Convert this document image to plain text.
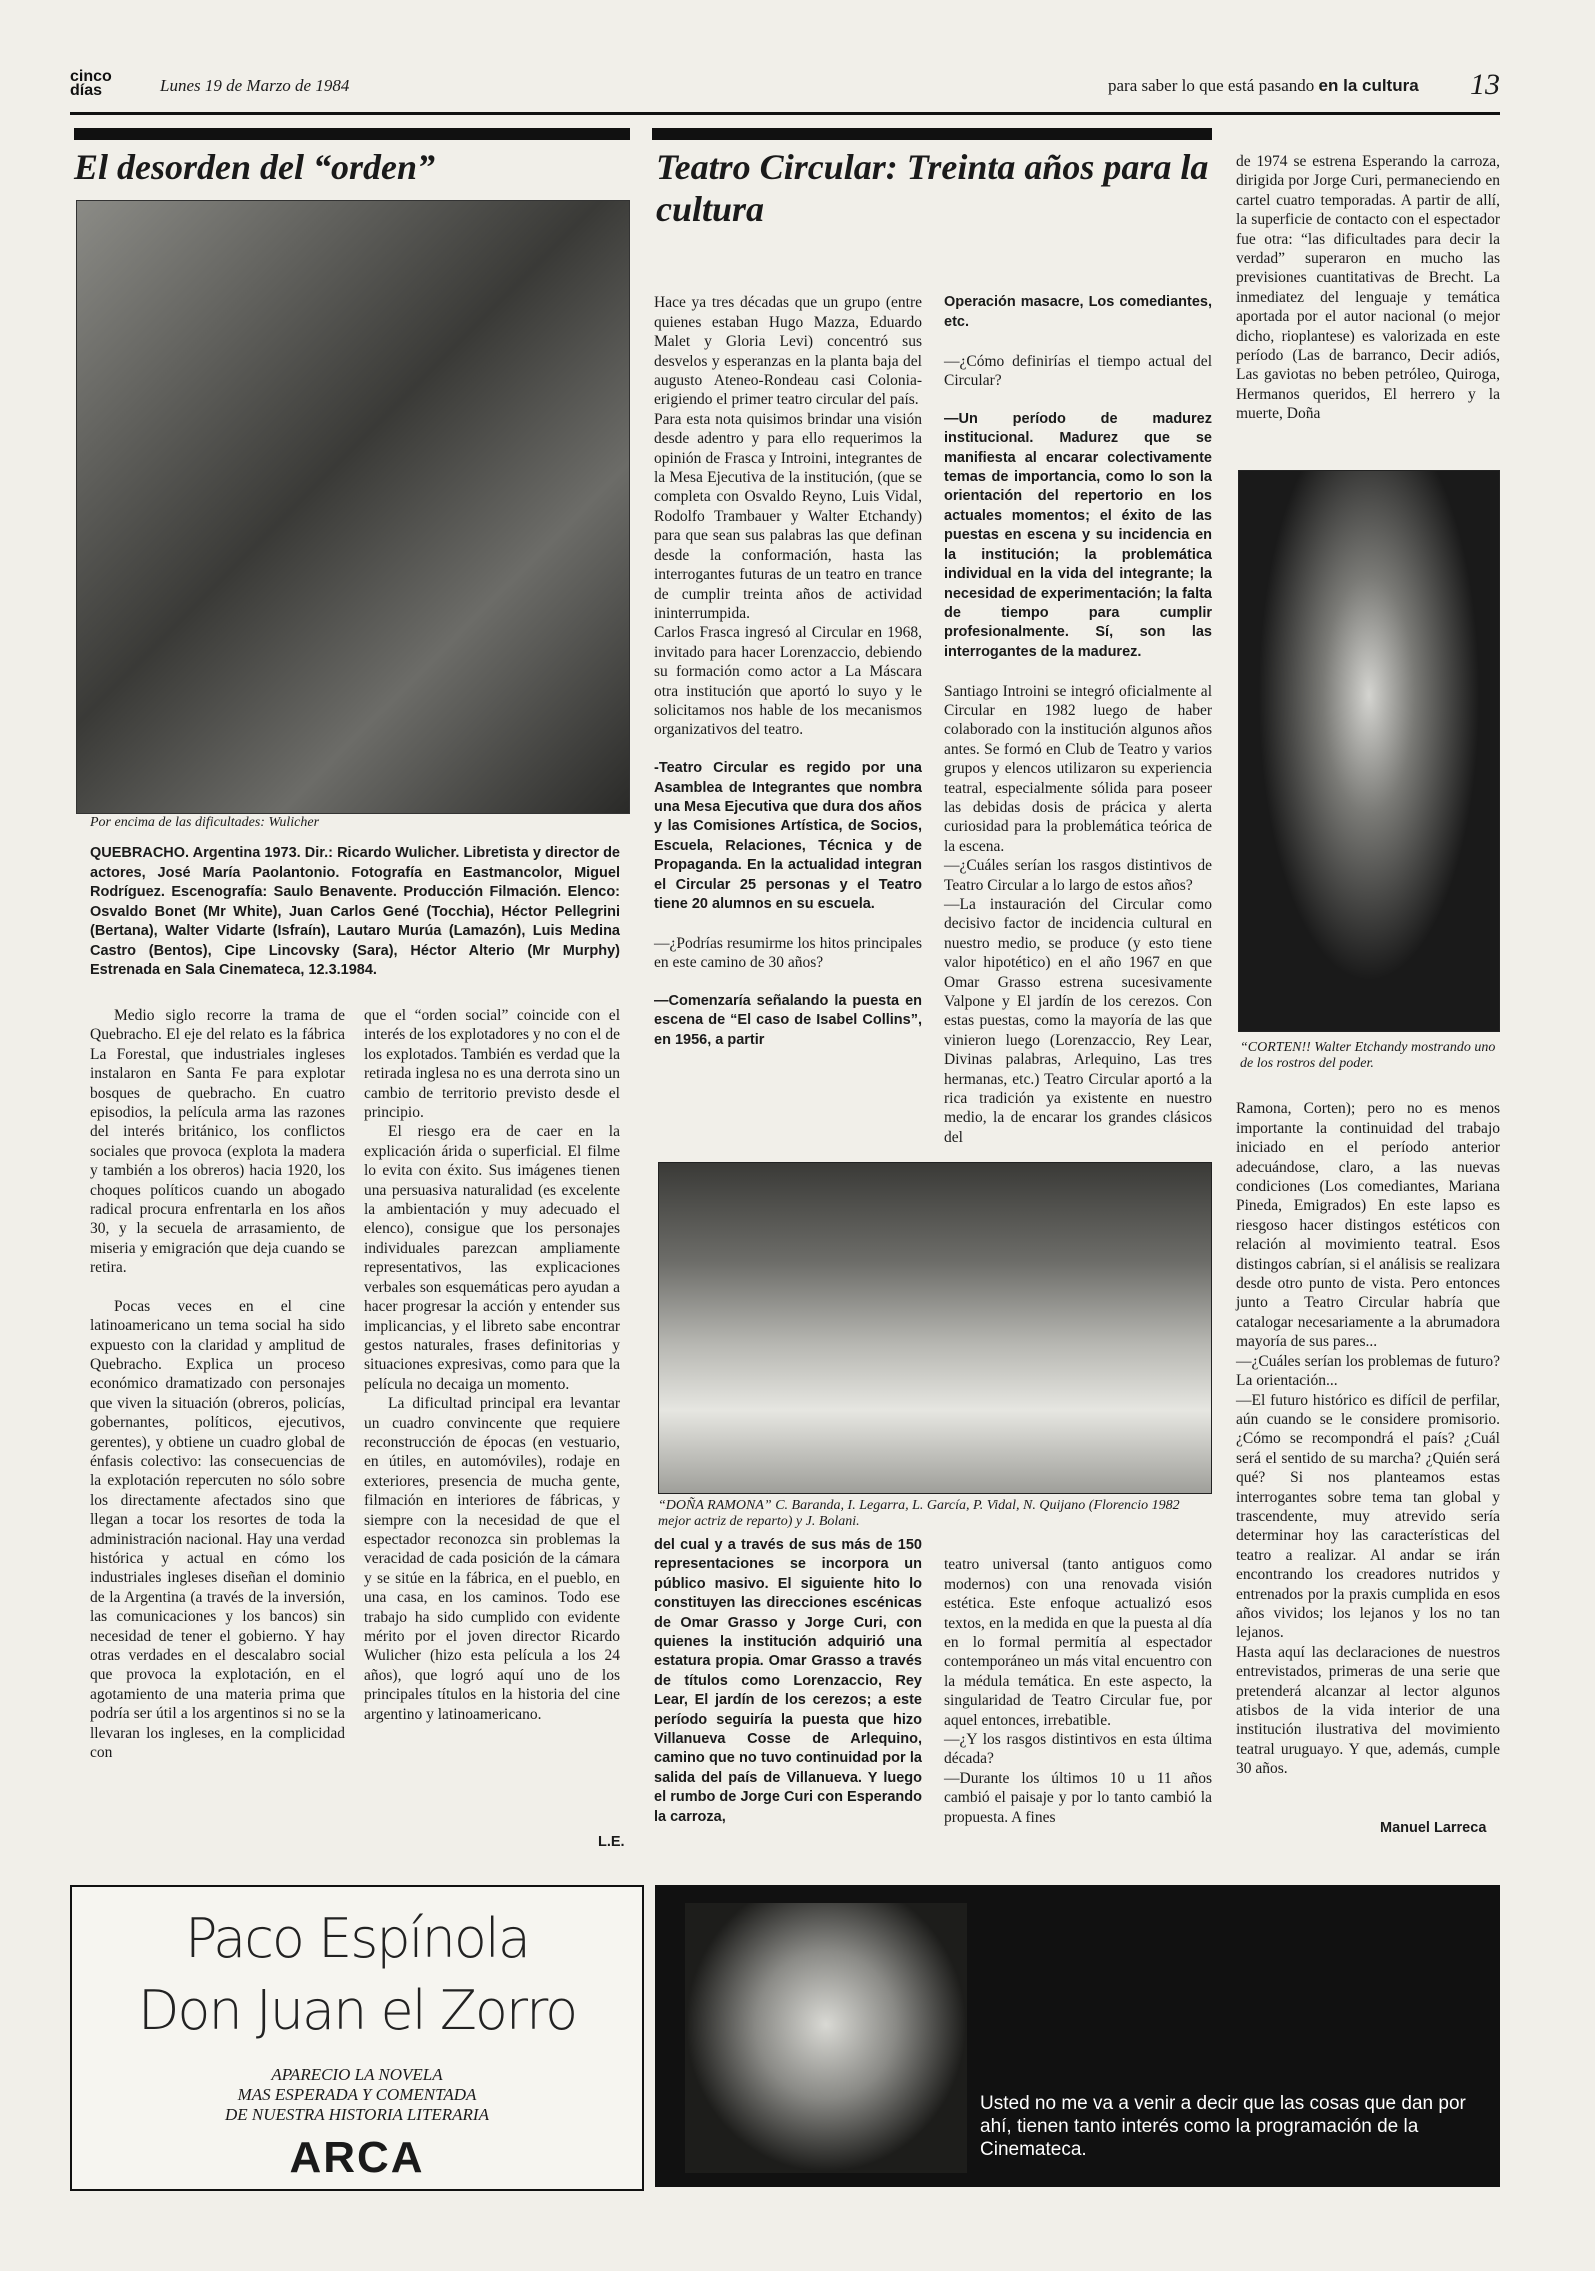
cinco
días	Lunes 19 de Marzo de 1984	para saber lo que está pasando en la cultura 13
El desorden del “orden”
Por encima de las dificultades: Wulicher
QUEBRACHO. Argentina 1973. Dir.: Ricardo Wulicher. Libretista y director de actores, José María Paolantonio. Fotografía en Eastmancolor, Miguel Rodríguez. Escenografía: Saulo Benavente. Producción Filmación. Elenco: Osvaldo Bonet (Mr White), Juan Carlos Gené (Tocchia), Héctor Pellegrini (Bertana), Walter Vidarte (Isfraín), Lautaro Murúa (Lamazón), Luis Medina Castro (Bentos), Cipe Lincovsky (Sara), Héctor Alterio (Mr Murphy) Estrenada en Sala Cinemateca, 12.3.1984.

Medio siglo recorre la trama de Quebracho. El eje del relato es la fábrica La Forestal, que industriales ingleses instalaron en Santa Fe para explotar bosques de quebracho. En cuatro episodios, la película arma las razones del interés británico, los conflictos sociales que provoca (explota la madera y también a los obreros) hacia 1920, los choques políticos cuando un abogado radical procura enfrentarla en los años 30, y la secuela de arrasamiento, de miseria y emigración que deja cuando se retira.

Pocas veces en el cine latinoamericano un tema social ha sido expuesto con la claridad y amplitud de Quebracho. Explica un proceso económico dramatizado con personajes que viven la situación (obreros, policías, gobernantes, políticos, ejecutivos, gerentes), y obtiene un cuadro global de énfasis colectivo: las consecuencias de la explotación repercuten no sólo sobre los directamente afectados sino que llegan a tocar los resortes de toda la administración nacional. Hay una verdad histórica y actual en cómo los industriales ingleses diseñan el dominio de la Argentina (a través de la inversión, las comunicaciones y los bancos) sin necesidad de tener el gobierno. Y hay otras verdades en el descalabro social que provoca la explotación, en el agotamiento de una materia prima que podría ser útil a los argentinos si no se la llevaran los ingleses, en la complicidad con

que el “orden social” coincide con el interés de los explotadores y no con el de los explotados. También es verdad que la retirada inglesa no es una derrota sino un cambio de territorio previsto desde el principio.

El riesgo era de caer en la explicación árida o superficial. El filme lo evita con éxito. Sus imágenes tienen una persuasiva naturalidad (es excelente la ambientación y muy adecuado el elenco), consigue que los personajes individuales parezcan ampliamente representativos, las explicaciones verbales son esquemáticas pero ayudan a hacer progresar la acción y entender sus implicancias, y el libreto sabe encontrar gestos naturales, frases definitorias y situaciones expresivas, como para que la película no decaiga un momento.

La dificultad principal era levantar un cuadro convincente que requiere reconstrucción de épocas (en vestuario, en útiles, en automóviles), rodaje en exteriores, presencia de mucha gente, filmación en interiores de fábricas, y siempre con la necesidad de que el espectador reconozca sin problemas la veracidad de cada posición de la cámara y se sitúe en la fábrica, en el pueblo, en una casa, en los caminos. Todo ese trabajo ha sido cumplido con evidente mérito por el joven director Ricardo Wulicher (hizo esta película a los 24 años), que logró aquí uno de los principales títulos en la historia del cine argentino y latinoamericano.

L.E.
Teatro Circular: Treinta años para la cultura

Hace ya tres décadas que un grupo (entre quienes estaban Hugo Mazza, Eduardo Malet y Gloria Levi) concentró sus desvelos y esperanzas en la planta baja del augusto Ateneo-Rondeau casi Colonia- erigiendo el primer teatro circular del país.
Para esta nota quisimos brindar una visión desde adentro y para ello requerimos la opinión de Frasca y Introini, integrantes de la Mesa Ejecutiva de la institución, (que se completa con Osvaldo Reyno, Luis Vidal, Rodolfo Trambauer y Walter Etchandy) para que sean sus palabras las que definan desde la conformación, hasta las interrogantes futuras de un teatro en trance de cumplir treinta años de actividad ininterrumpida.
Carlos Frasca ingresó al Circular en 1968, invitado para hacer Lorenzaccio, debiendo su formación como actor a La Máscara otra institución que aportó lo suyo y le solicitamos nos hable de los mecanismos organizativos del teatro.

-Teatro Circular es regido por una Asamblea de Integrantes que nombra una Mesa Ejecutiva que dura dos años y las Comisiones Artística, de Socios, Escuela, Relaciones, Técnica y de Propaganda. En la actualidad integran el Circular 25 personas y el Teatro tiene 20 alumnos en su escuela.

—¿Podrías resumirme los hitos principales en este camino de 30 años?

—Comenzaría señalando la puesta en escena de “El caso de Isabel Collins”, en 1956, a partir

Operación masacre, Los comediantes, etc.

—¿Cómo definirías el tiempo actual del Circular?

—Un período de madurez institucional. Madurez que se manifiesta al encarar colectivamente temas de importancia, como lo son la orientación del repertorio en los actuales momentos; el éxito de las puestas en escena y su incidencia en la institución; la problemática individual en la vida del integrante; la necesidad de experimentación; la falta de tiempo para cumplir profesionalmente. Sí, son las interrogantes de la madurez.

Santiago Introini se integró oficialmente al Circular en 1982 luego de haber colaborado con la institución algunos años antes. Se formó en Club de Teatro y varios grupos y elencos utilizaron su experiencia teatral, especialmente sólida para poseer las debidas dosis de prácica y alerta curiosidad para la problemática teórica de la escena.
—¿Cuáles serían los rasgos distintivos de Teatro Circular a lo largo de estos años?
—La instauración del Circular como decisivo factor de incidencia cultural en nuestro medio, se produce (y esto tiene valor hipotético) en el año 1967 en que Omar Grasso estrena sucesivamente Valpone y El jardín de los cerezos. Con estas puestas, como la mayoría de las que vinieron luego (Lorenzaccio, Rey Lear, Divinas palabras, Arlequino, Las tres hermanas, etc.) Teatro Circular aportó a la rica tradición ya existente en nuestro medio, la de encarar los grandes clásicos del

“DOÑA RAMONA” C. Baranda, I. Legarra, L. García, P. Vidal, N. Quijano (Florencio 1982 mejor actriz de reparto) y J. Bolani.

del cual y a través de sus más de 150 representaciones se incorpora un público masivo. El siguiente hito lo constituyen las direcciones escénicas de Omar Grasso y Jorge Curi, con quienes la institución adquirió una estatura propia. Omar Grasso a través de títulos como Lorenzaccio, Rey Lear, El jardín de los cerezos; a este período seguiría la puesta que hizo Villanueva Cosse de Arlequino, camino que no tuvo continuidad por la salida del país de Villanueva. Y luego el rumbo de Jorge Curi con Esperando la carroza,

teatro universal (tanto antiguos como modernos) con una renovada visión estética. Este enfoque actualizó esos textos, en la medida en que la puesta al día en lo formal permitía al espectador contemporáneo un más vital encuentro con la médula temática. En este aspecto, la singularidad de Teatro Circular fue, por aquel entonces, irrebatible.
—¿Y los rasgos distintivos en esta última década?
—Durante los últimos 10 u 11 años cambió el paisaje y por lo tanto cambió la propuesta. A fines

de 1974 se estrena Esperando la carroza, dirigida por Jorge Curi, permaneciendo en cartel cuatro temporadas. A partir de allí, la superficie de contacto con el espectador fue otra: “las dificultades para decir la verdad” superaron en mucho las previsiones cuantitativas de Brecht. La inmediatez del lenguaje y temática aportada por el autor nacional (o mejor dicho, rioplantese) es valorizada en este período (Las de barranco, Decir adiós, Las gaviotas no beben petróleo, Quiroga, Hermanos queridos, El herrero y la muerte, Doña

“CORTEN!! Walter Etchandy mostrando uno de los rostros del poder.

Ramona, Corten); pero no es menos importante la continuidad del trabajo iniciado en el período anterior adecuándose, claro, a las nuevas condiciones (Los comediantes, Mariana Pineda, Emigrados) En este lapso es riesgoso hacer distingos estéticos con relación al movimiento teatral. Esos distingos cabrían, si el análisis se realizara desde otro punto de vista. Pero entonces junto a Teatro Circular habría que catalogar necesariamente a la abrumadora mayoría de sus pares...
—¿Cuáles serían los problemas de futuro? La orientación...
—El futuro histórico es difícil de perfilar, aún cuando se le considere promisorio. ¿Cómo se recompondrá el país? ¿Cuál será el sentido de su marcha? ¿Quién será qué? Si nos planteamos estas interrogantes sobre tema tan global y trascendente, muy atrevido sería determinar hoy las características del teatro a realizar. Al andar se irán encontrando los creadores nutridos y entrenados por la praxis cumplida en esos años vividos; los lejanos y los no tan lejanos.
Hasta aquí las declaraciones de nuestros entrevistados, primeras de una serie que pretenderá alcanzar al lector algunos atisbos de la vida interior de una institución ilustrativa del movimiento teatral uruguayo. Y que, además, cumple 30 años.

Manuel Larreca
Paco Espínola
Don Juan el Zorro
APARECIO LA NOVELA
MAS ESPERADA Y COMENTADA
DE NUESTRA HISTORIA LITERARIA
ARCA
Usted no me va a venir a decir que las cosas que dan por ahí, tienen tanto interés como la programación de la Cinemateca.
